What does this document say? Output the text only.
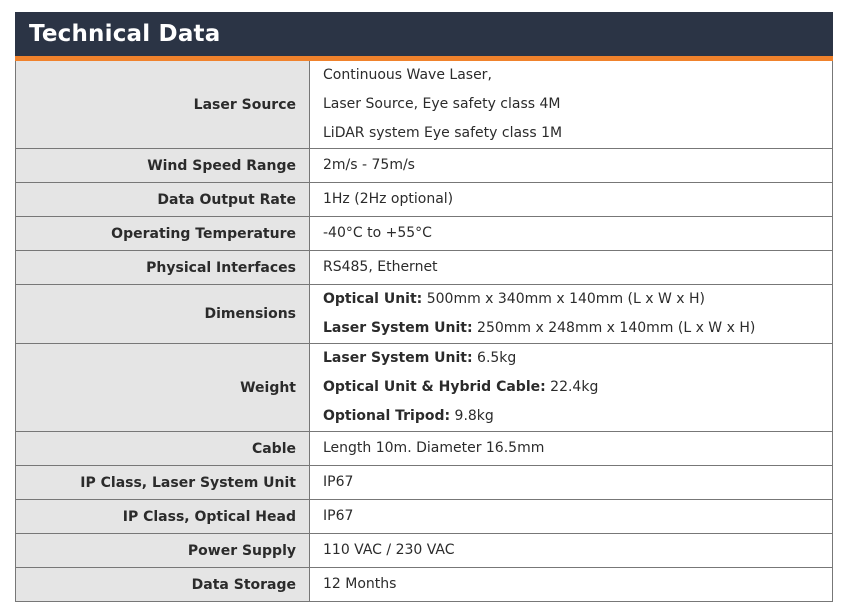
Technical Data
Laser Source	Continuous Wave Laser,
Laser Source, Eye safety class 4M
LiDAR system Eye safety class 1M

Wind Speed Range	2m/s - 75m/s

Data Output Rate	1Hz (2Hz optional)

Operating Temperature	-40°C to +55°C

Physical Interfaces	RS485, Ethernet

Dimensions	Optical Unit: 500mm x 340mm x 140mm (L x W x H)
Laser System Unit: 250mm x 248mm x 140mm (L x W x H)

Weight	Laser System Unit: 6.5kg
Optical Unit & Hybrid Cable: 22.4kg
Optional Tripod: 9.8kg

Cable	Length 10m. Diameter 16.5mm

IP Class, Laser System Unit	IP67

IP Class, Optical Head	IP67

Power Supply	110 VAC / 230 VAC

Data Storage	12 Months
